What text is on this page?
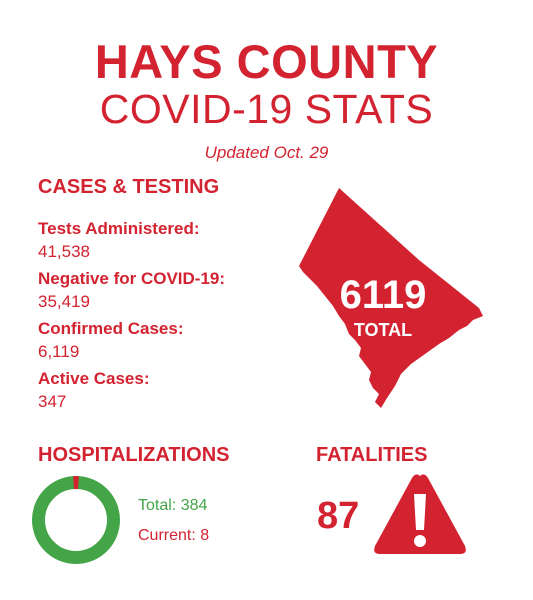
HAYS COUNTY
COVID-19 STATS
Updated Oct. 29
CASES & TESTING
Tests Administered:
41,538
Negative for COVID-19:
35,419
Confirmed Cases:
6,119
Active Cases:
347
6119
TOTAL
HOSPITALIZATIONS
Total: 384
Current: 8
FATALITIES
87
